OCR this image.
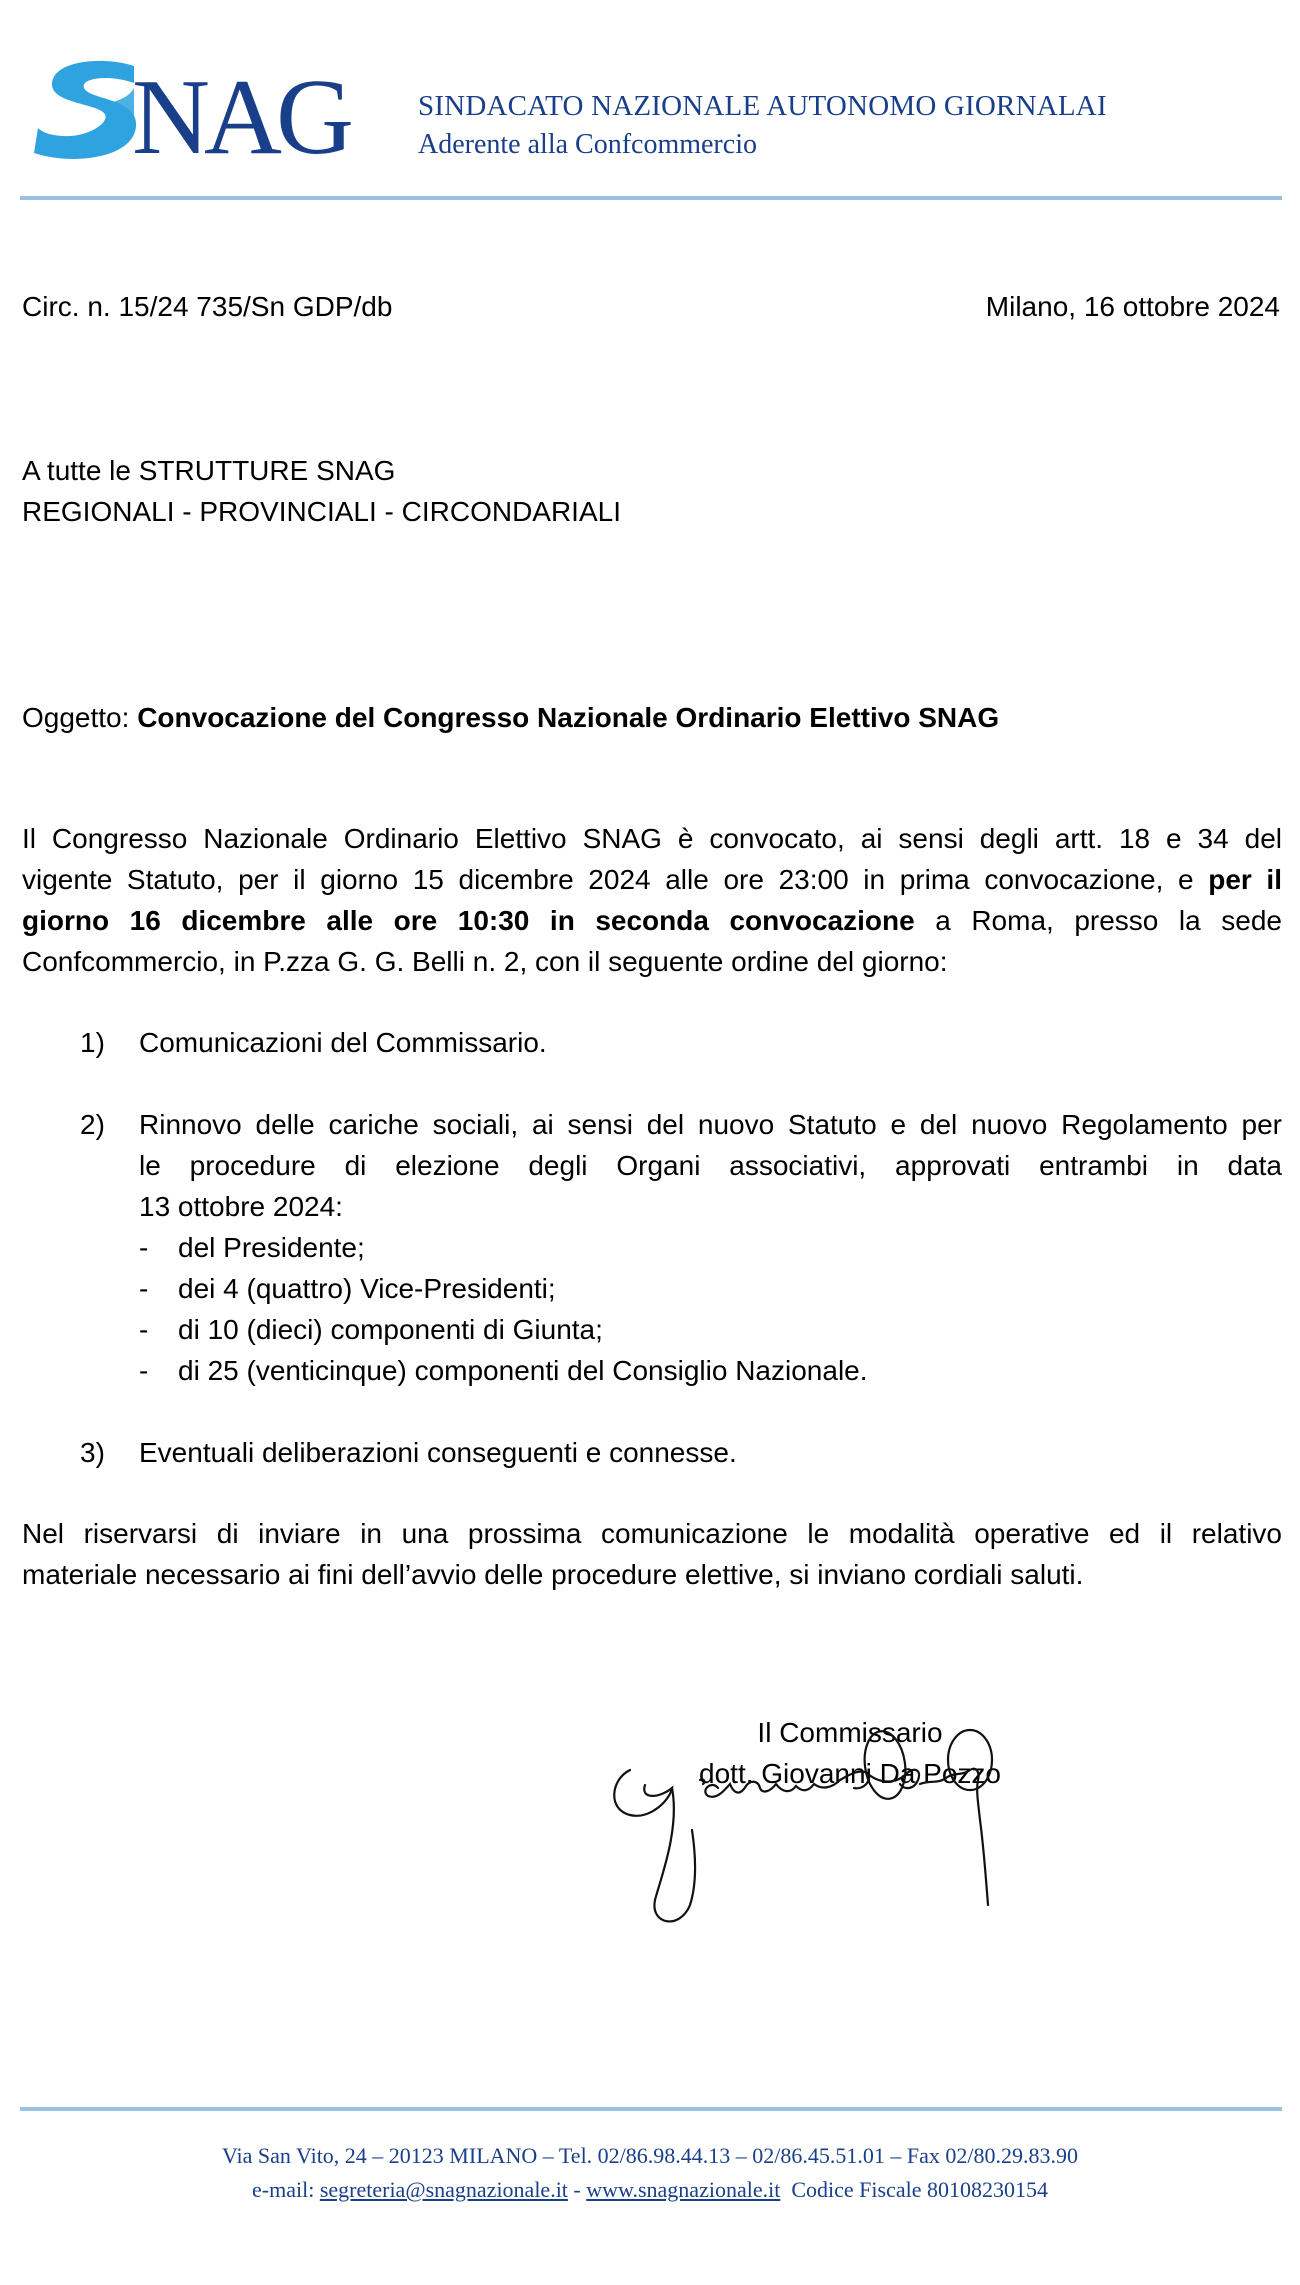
NAG SINDACATO NAZIONALE AUTONOMO GIORNALAI
Aderente alla Confcommercio
Circ. n. 15/24 735/Sn GDP/db	Milano, 16 ottobre 2024
A tutte le STRUTTURE SNAG
REGIONALI - PROVINCIALI - CIRCONDARIALI
Oggetto: Convocazione del Congresso Nazionale Ordinario Elettivo SNAG
Il Congresso Nazionale Ordinario Elettivo SNAG è convocato, ai sensi degli artt. 18 e 34 del
vigente Statuto, per il giorno 15 dicembre 2024 alle ore 23:00 in prima convocazione, e per il
giorno 16 dicembre alle ore 10:30 in seconda convocazione a Roma, presso la sede
Confcommercio, in P.zza G. G. Belli n. 2, con il seguente ordine del giorno:
1) Comunicazioni del Commissario.
2) Rinnovo delle cariche sociali, ai sensi del nuovo Statuto e del nuovo Regolamento per
le procedure di elezione degli Organi associativi, approvati entrambi in data
13 ottobre 2024:
- del Presidente;
- dei 4 (quattro) Vice-Presidenti;
- di 10 (dieci) componenti di Giunta;
- di 25 (venticinque) componenti del Consiglio Nazionale.
3) Eventuali deliberazioni conseguenti e connesse.
Nel riservarsi di inviare in una prossima comunicazione le modalità operative ed il relativo
materiale necessario ai fini dell’avvio delle procedure elettive, si inviano cordiali saluti.
Il Commissario
dott. Giovanni Da Pozzo
Via San Vito, 24 – 20123 MILANO – Tel. 02/86.98.44.13 – 02/86.45.51.01 – Fax 02/80.29.83.90
e-mail: segreteria@snagnazionale.it - www.snagnazionale.it  Codice Fiscale 80108230154
